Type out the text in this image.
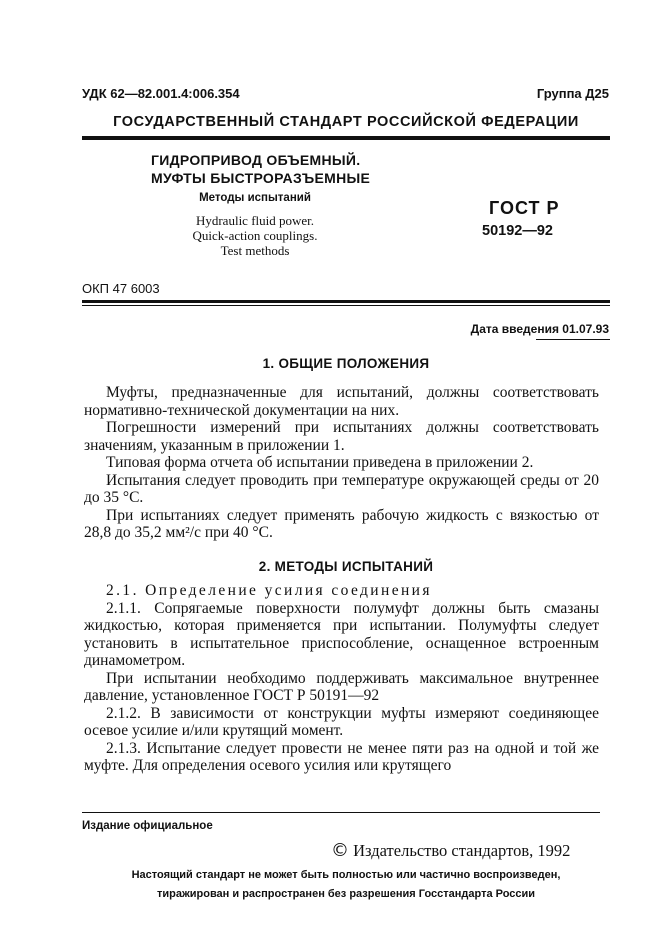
УДК 62—82.001.4:006.354	Группа Д25
ГОСУДАРСТВЕННЫЙ СТАНДАРТ РОССИЙСКОЙ ФЕДЕРАЦИИ
ГИДРОПРИВОД ОБЪЕМНЫЙ.
МУФТЫ БЫСТРОРАЗЪЕМНЫЕ
Методы испытаний
Hydraulic fluid power.
Quick-action couplings.
Test methods
ГОСТ Р
50192—92
ОКП 47 6003
Дата введения 01.07.93
1. ОБЩИЕ ПОЛОЖЕНИЯ

Муфты, предназначенные для испытаний, должны соответствовать нормативно-технической документации на них.

Погрешности измерений при испытаниях должны соответствовать значениям, указанным в приложении 1.

Типовая форма отчета об испытании приведена в приложении 2.

Испытания следует проводить при температуре окружающей среды от 20 до 35 °С.

При испытаниях следует применять рабочую жидкость с вязкостью от 28,8 до 35,2 мм²/с при 40 °С.

2. МЕТОДЫ ИСПЫТАНИЙ

2.1. Определение усилия соединения

2.1.1. Сопрягаемые поверхности полумуфт должны быть смазаны жидкостью, которая применяется при испытании. Полумуфты следует установить в испытательное приспособление, оснащенное встроенным динамометром.

При испытании необходимо поддерживать максимальное внутреннее давление, установленное ГОСТ Р 50191—92

2.1.2. В зависимости от конструкции муфты измеряют соединяющее осевое усилие и/или крутящий момент.

2.1.3. Испытание следует провести не менее пяти раз на одной и той же муфте. Для определения осевого усилия или крутящего

Издание официальное
© Издательство стандартов, 1992
Настоящий стандарт не может быть полностью или частично воспроизведен,
тиражирован и распространен без разрешения Госстандарта России
